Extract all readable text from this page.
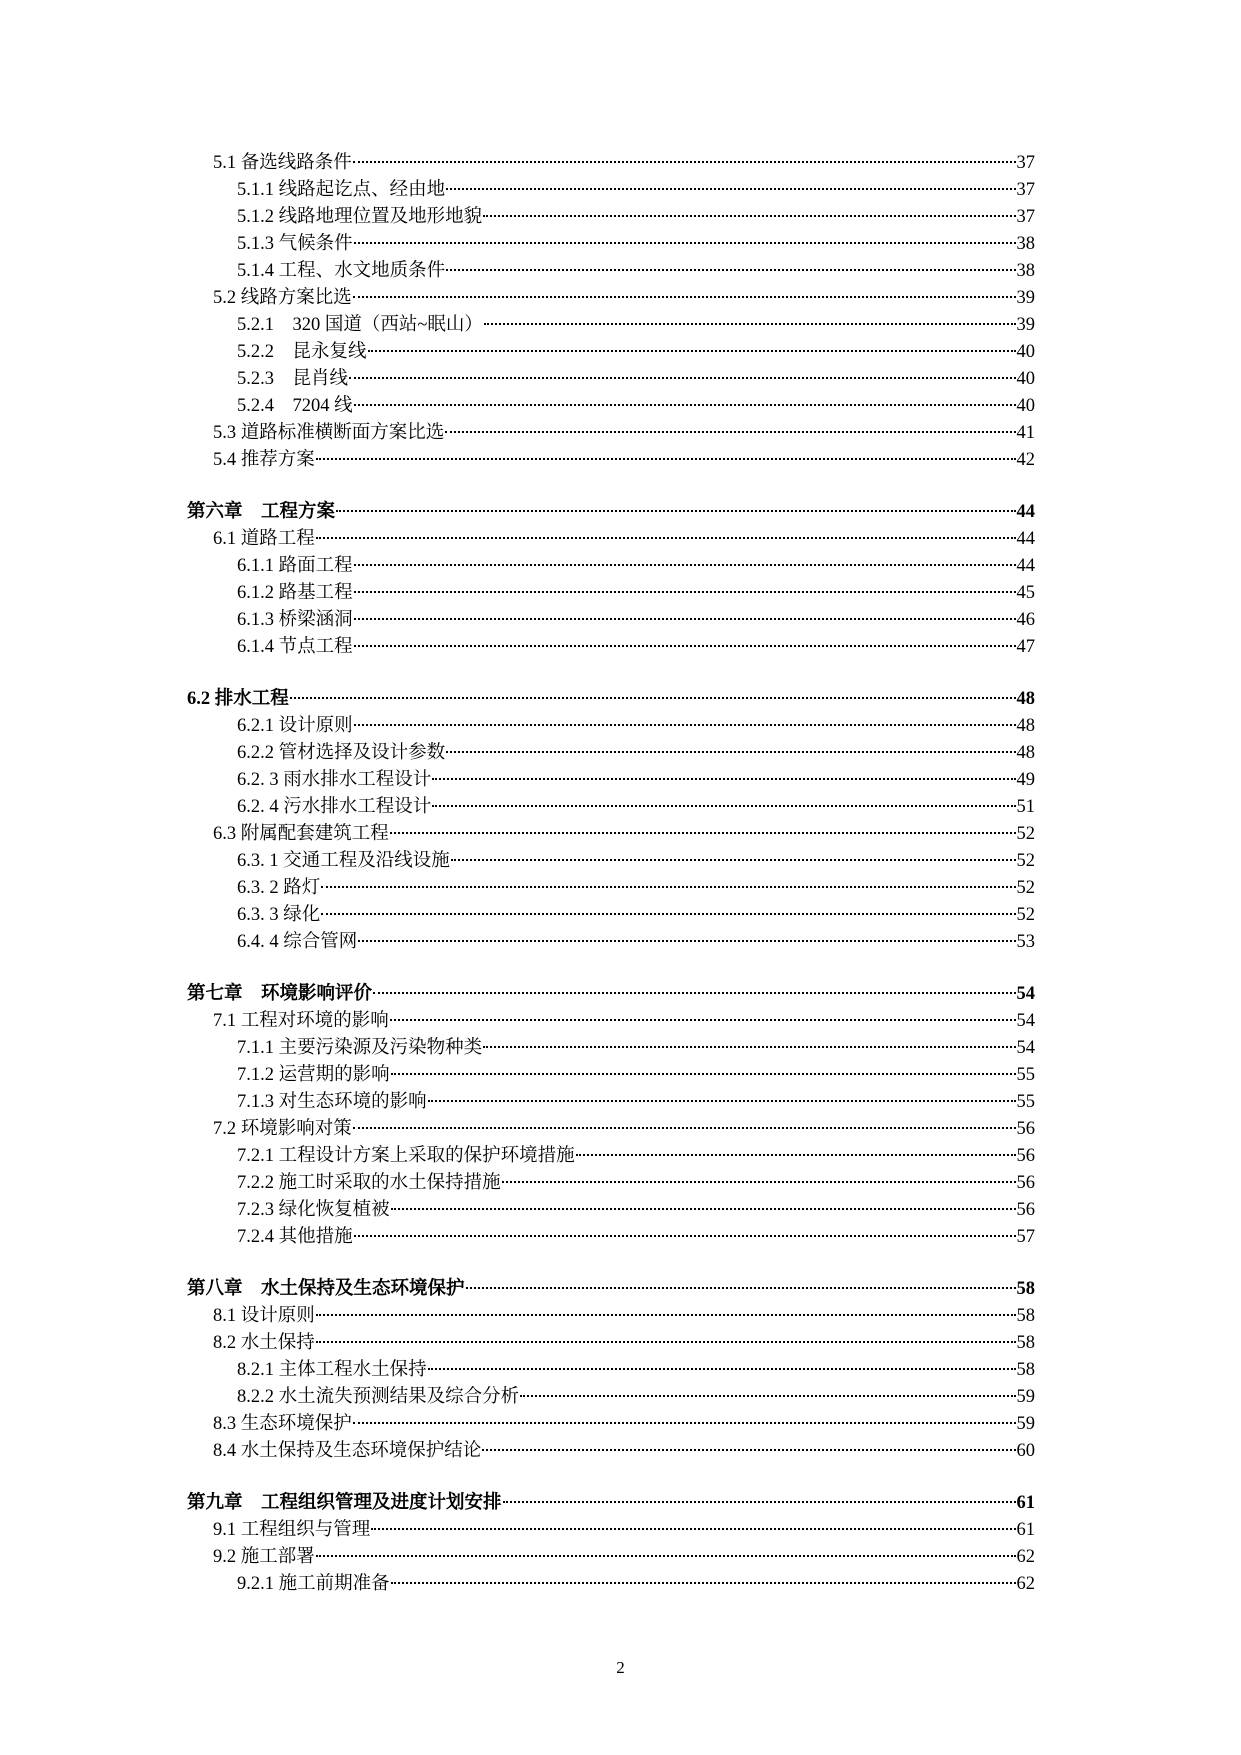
5.1 备选线路条件	37
5.1.1 线路起讫点、经由地	37
5.1.2 线路地理位置及地形地貌	37
5.1.3 气候条件	38
5.1.4 工程、水文地质条件	38
5.2 线路方案比选	39
5.2.1　320 国道（西站~眠山）	39
5.2.2　昆永复线	40
5.2.3　昆肖线	40
5.2.4　7204 线	40
5.3 道路标准横断面方案比选	41
5.4 推荐方案	42
第六章　工程方案	44
6.1 道路工程	44
6.1.1 路面工程	44
6.1.2 路基工程	45
6.1.3 桥梁涵洞	46
6.1.4 节点工程	47
6.2 排水工程	48
6.2.1 设计原则	48
6.2.2 管材选择及设计参数	48
6.2. 3 雨水排水工程设计	49
6.2. 4 污水排水工程设计	51
6.3 附属配套建筑工程	52
6.3. 1 交通工程及沿线设施	52
6.3. 2 路灯	52
6.3. 3 绿化	52
6.4. 4 综合管网	53
第七章　环境影响评价	54
7.1 工程对环境的影响	54
7.1.1 主要污染源及污染物种类	54
7.1.2 运营期的影响	55
7.1.3 对生态环境的影响	55
7.2 环境影响对策	56
7.2.1 工程设计方案上采取的保护环境措施	56
7.2.2 施工时采取的水土保持措施	56
7.2.3 绿化恢复植被	56
7.2.4 其他措施	57
第八章　水土保持及生态环境保护	58
8.1 设计原则	58
8.2 水土保持	58
8.2.1 主体工程水土保持	58
8.2.2 水土流失预测结果及综合分析	59
8.3 生态环境保护	59
8.4 水土保持及生态环境保护结论	60
第九章　工程组织管理及进度计划安排	61
9.1 工程组织与管理	61
9.2 施工部署	62
9.2.1 施工前期准备	62
2
